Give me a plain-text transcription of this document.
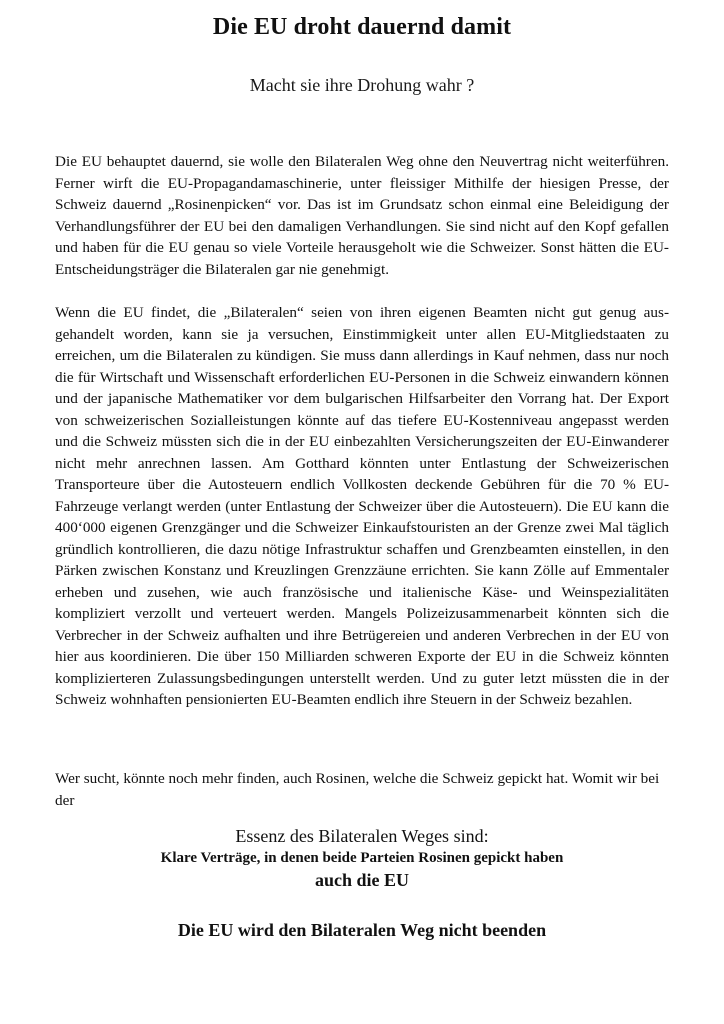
Die EU droht dauernd damit
Macht sie ihre Drohung wahr ?

Die EU behauptet dauernd, sie wolle den Bilateralen Weg ohne den Neuvertrag nicht weiterführen. Ferner wirft die EU-Propagandamaschinerie, unter fleissiger Mithilfe der hiesigen Presse, der Schweiz dauernd „Rosinenpicken“ vor. Das ist im Grundsatz schon einmal eine Beleidigung der Verhandlungsführer der EU bei den damaligen Verhandlungen. Sie sind nicht auf den Kopf gefallen und haben für die EU genau so viele Vorteile herausgeholt wie die Schweizer. Sonst hätten die EU-Entscheidungsträger die Bilateralen gar nie genehmigt.

Wenn die EU findet, die „Bilateralen“ seien von ihren eigenen Beamten nicht gut genug ausgehandelt worden, kann sie ja versuchen, Einstimmigkeit unter allen EU-Mitgliedstaaten zu erreichen, um die Bilateralen zu kündigen. Sie muss dann allerdings in Kauf nehmen, dass nur noch die für Wirtschaft und Wissenschaft erforderlichen EU-Personen in die Schweiz einwandern können und der japanische Mathematiker vor dem bulgarischen Hilfsarbeiter den Vorrang hat. Der Export von schweizerischen Sozialleistungen könnte auf das tiefere EU-Kostenniveau angepasst werden und die Schweiz müssten sich die in der EU einbezahlten Versicherungszeiten der EU-Einwanderer nicht mehr anrechnen lassen. Am Gotthard könnten unter Entlastung der Schweizerischen Transporteure über die Autosteuern endlich Vollkosten deckende Gebühren für die 70 % EU-Fahrzeuge verlangt werden (unter Entlastung der Schweizer über die Autosteuern). Die EU kann die 400‘000 eigenen Grenzgänger und die Schweizer Einkaufstouristen an der Grenze zwei Mal täglich gründlich kontrollieren, die dazu nötige Infrastruktur schaffen und Grenzbeamten einstellen, in den Pärken zwischen Konstanz und Kreuzlingen Grenzzäune errichten. Sie kann Zölle auf Emmentaler erheben und zusehen, wie auch französische und italienische Käse- und Weinspezialitäten kompliziert verzollt und verteuert werden. Mangels Polizeizusammenarbeit könnten sich die Verbrecher in der Schweiz aufhalten und ihre Betrügereien und anderen Verbrechen in der EU von hier aus koordinieren. Die über 150 Milliarden schweren Exporte der EU in die Schweiz könnten komplizierteren Zulassungsbedingungen unterstellt werden. Und zu guter letzt müssten die in der Schweiz wohnhaften pensionierten EU-Beamten endlich ihre Steuern in der Schweiz bezahlen.

Wer sucht, könnte noch mehr finden, auch Rosinen, welche die Schweiz gepickt hat. Womit wir bei der

Essenz des Bilateralen Weges sind:
Klare Verträge, in denen beide Parteien Rosinen gepickt haben
auch die EU

Die EU wird den Bilateralen Weg nicht beenden
